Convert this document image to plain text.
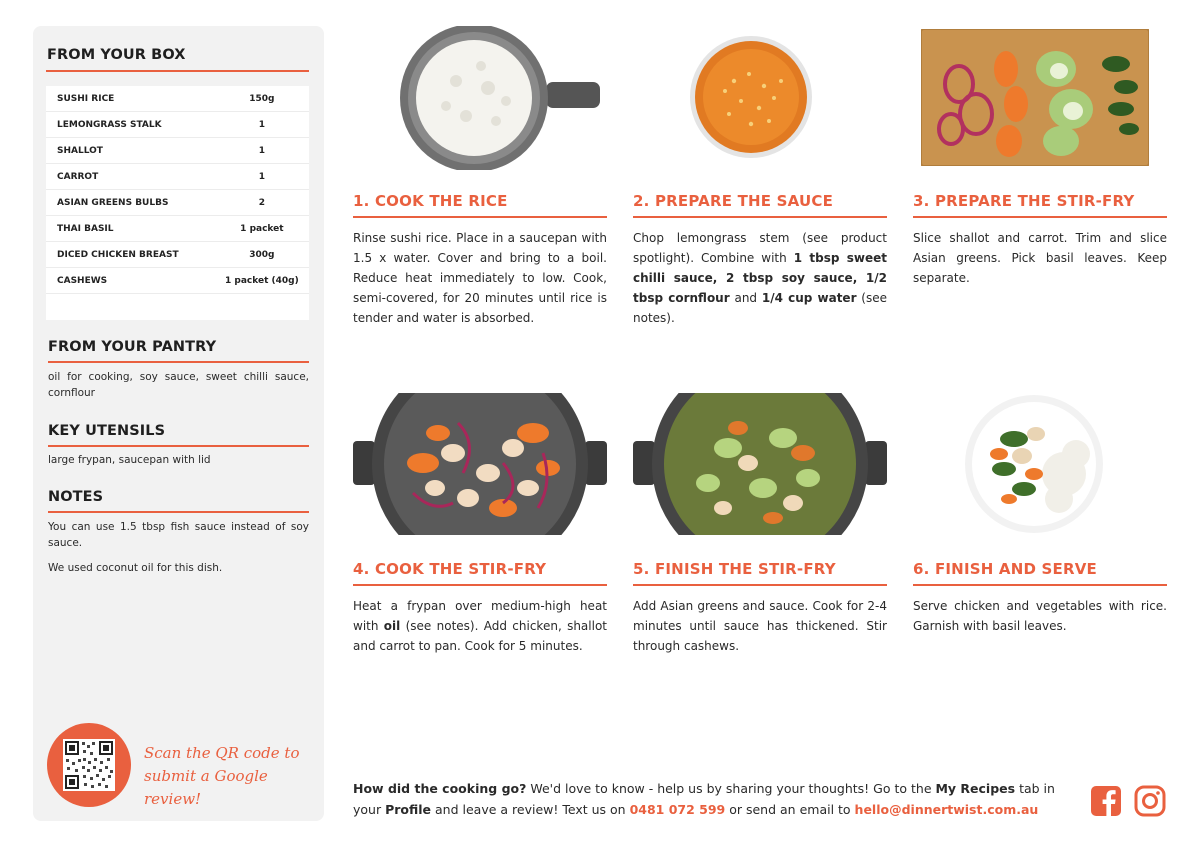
FROM YOUR BOX
SUSHI RICE	150g
LEMONGRASS STALK	1
SHALLOT	1
CARROT	1
ASIAN GREENS BULBS	2
THAI BASIL	1 packet
DICED CHICKEN BREAST	300g
CASHEWS	1 packet (40g)
FROM YOUR PANTRY
oil for cooking, soy sauce, sweet chilli sauce, cornflour
KEY UTENSILS
large frypan, saucepan with lid
NOTES
You can use 1.5 tbsp fish sauce instead of soy sauce.
We used coconut oil for this dish.
Scan the QR code to submit a Google review!
1. COOK THE RICE
Rinse sushi rice. Place in a saucepan with 1.5 x water. Cover and bring to a boil. Reduce heat immediately to low. Cook, semi-covered, for 20 minutes until rice is tender and water is absorbed.
2. PREPARE THE SAUCE
Chop lemongrass stem (see product spotlight). Combine with 1 tbsp sweet chilli sauce, 2 tbsp soy sauce, 1/2 tbsp cornflour and 1/4 cup water (see notes).
3. PREPARE THE STIR-FRY
Slice shallot and carrot. Trim and slice Asian greens. Pick basil leaves. Keep separate.
4. COOK THE STIR-FRY
Heat a frypan over medium-high heat with oil (see notes). Add chicken, shallot and carrot to pan. Cook for 5 minutes.
5. FINISH THE STIR-FRY
Add Asian greens and sauce. Cook for 2-4 minutes until sauce has thickened. Stir through cashews.
6. FINISH AND SERVE
Serve chicken and vegetables with rice. Garnish with basil leaves.
How did the cooking go? We'd love to know - help us by sharing your thoughts! Go to the My Recipes tab in your Profile and leave a review! Text us on 0481 072 599 or send an email to hello@dinnertwist.com.au
